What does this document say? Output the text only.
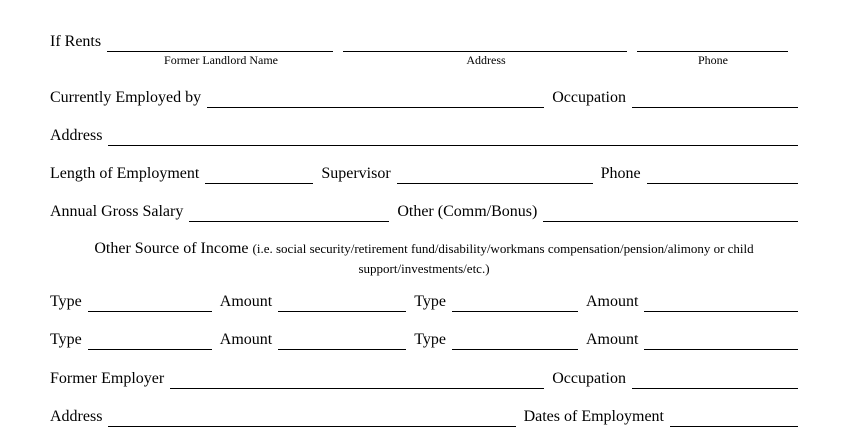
If Rents
Former Landlord Name	Address	Phone
Currently Employed by	Occupation
Address
Length of Employment	Supervisor	Phone
Annual Gross Salary	Other (Comm/Bonus)
Other Source of Income (i.e. social security/retirement fund/disability/workmans compensation/pension/alimony or child
support/investments/etc.)
Type	Amount	Type	Amount
Type	Amount	Type	Amount
Former Employer	Occupation
Address	Dates of Employment
